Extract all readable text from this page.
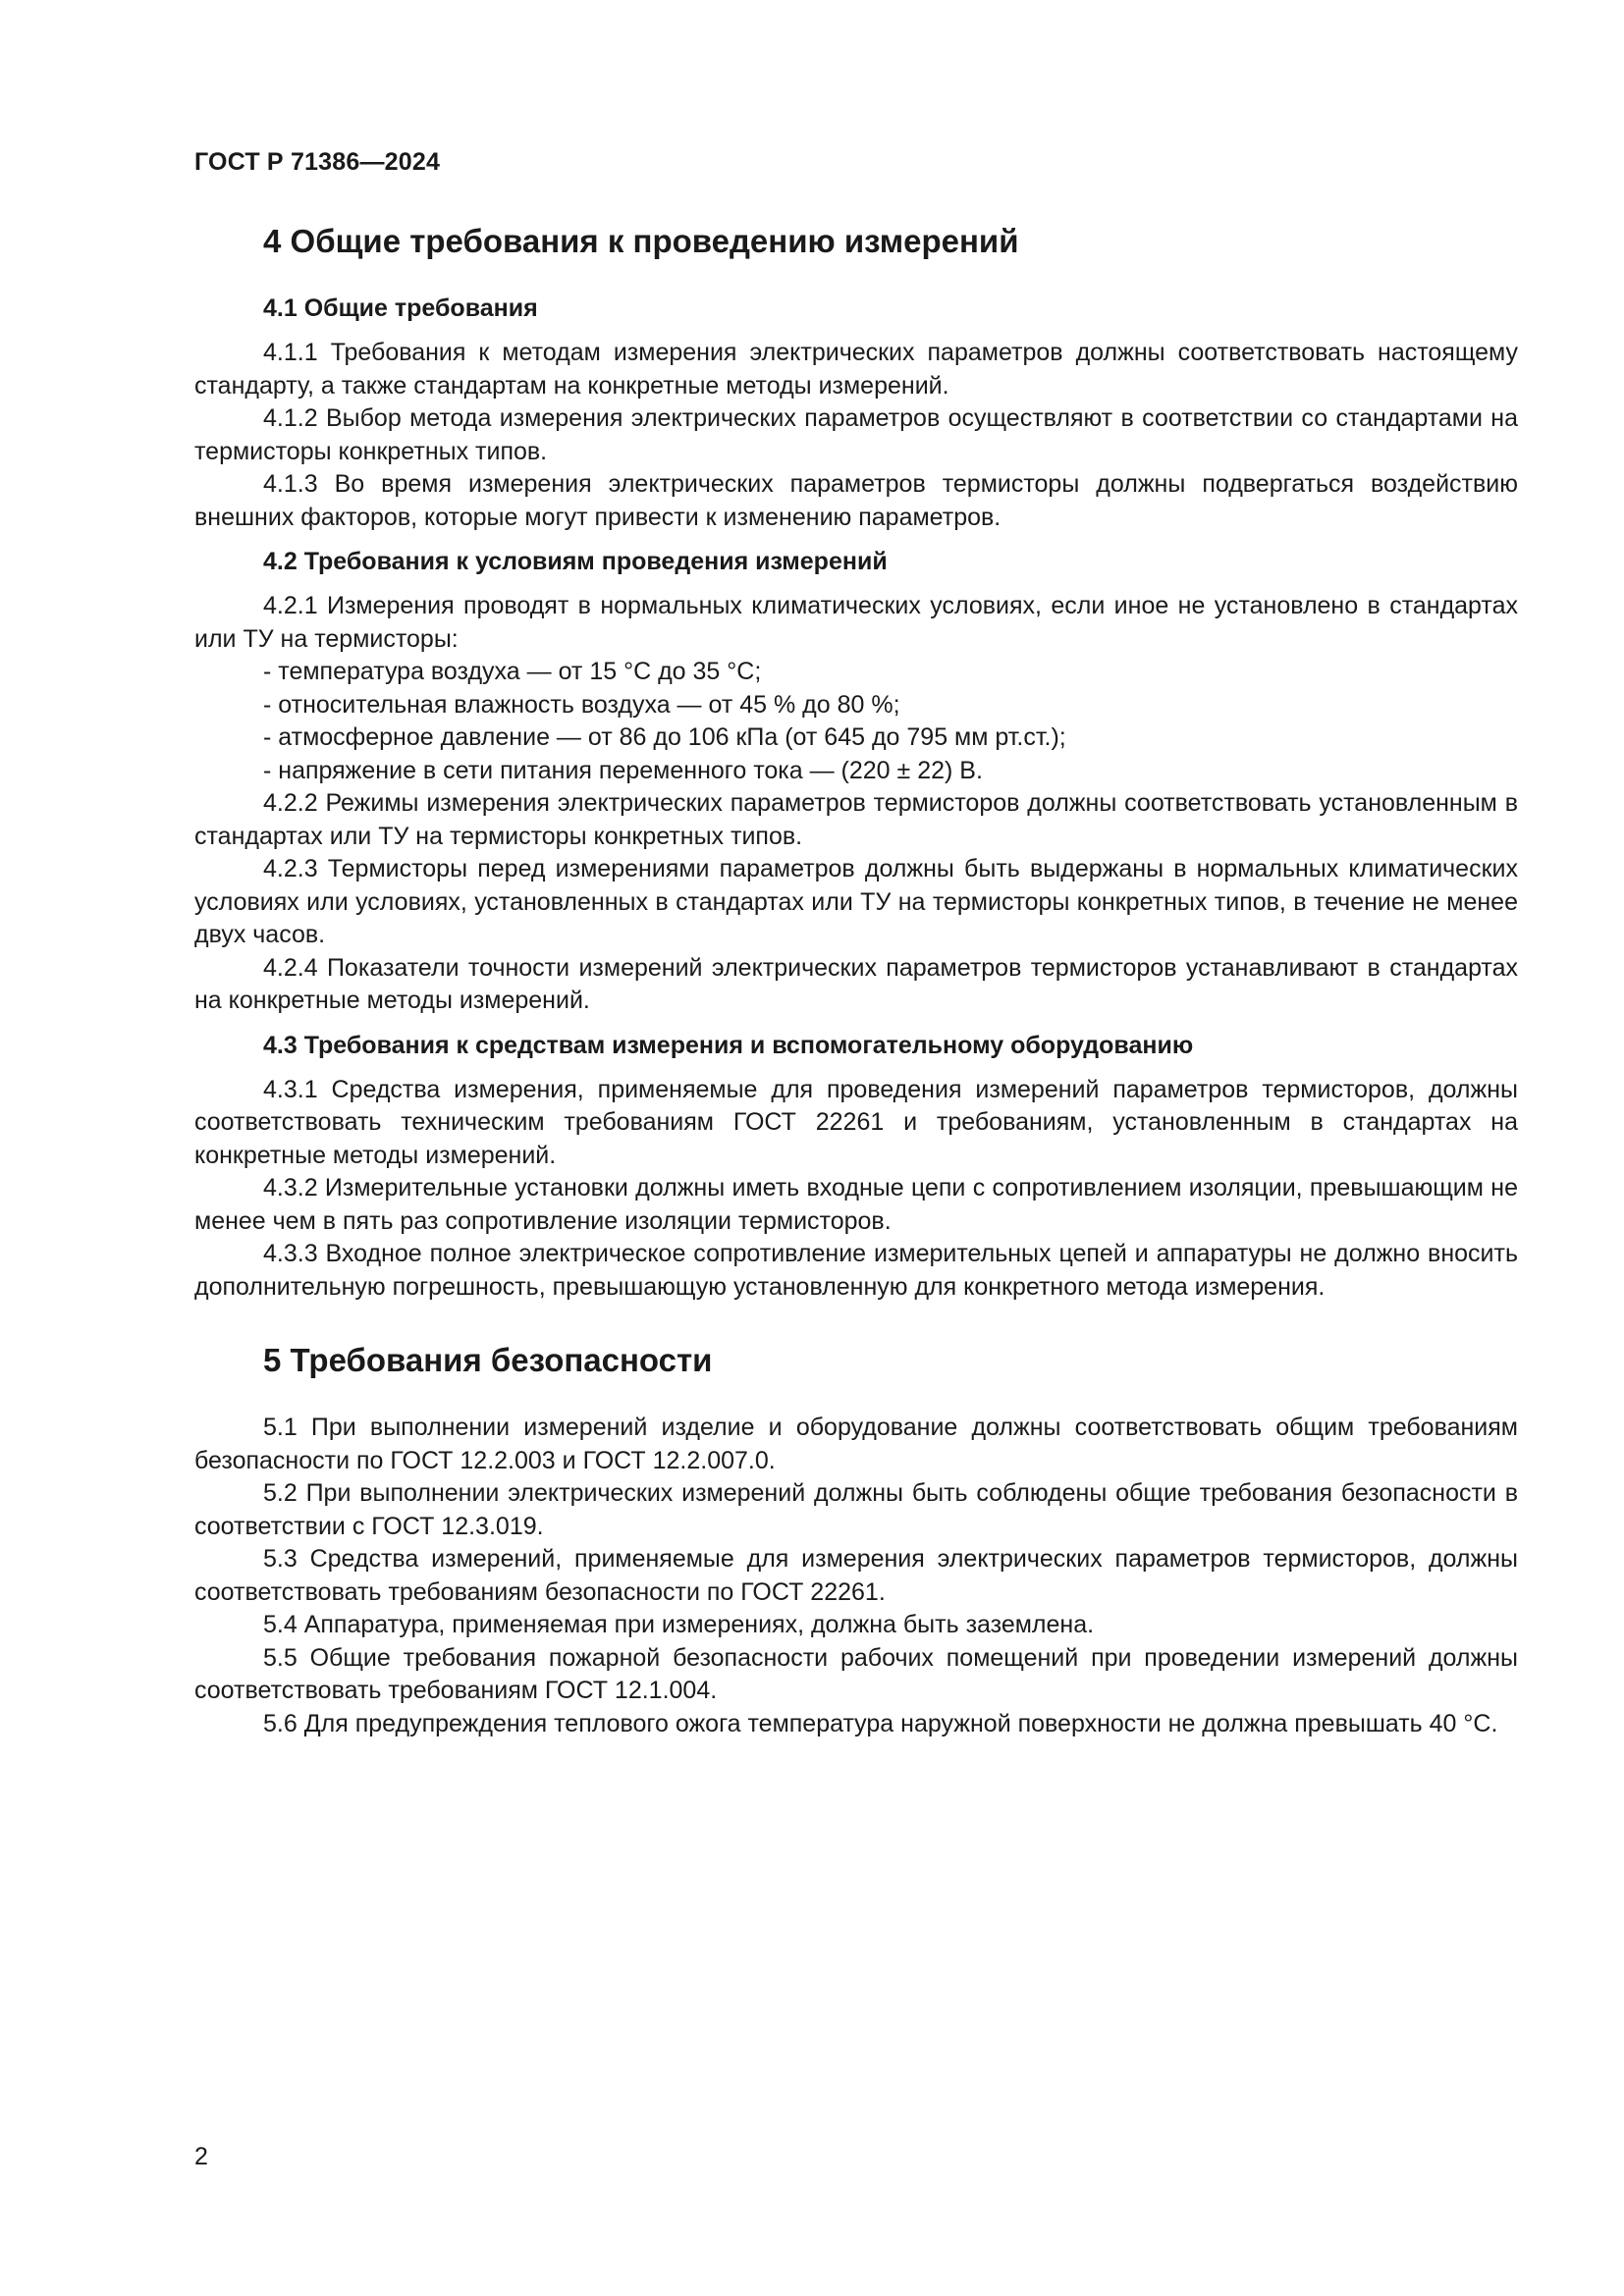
ГОСТ Р 71386—2024
4 Общие требования к проведению измерений
4.1 Общие требования

4.1.1 Требования к методам измерения электрических параметров должны соответствовать настоящему стандарту, а также стандартам на конкретные методы измерений.

4.1.2 Выбор метода измерения электрических параметров осуществляют в соответствии со стандартами на термисторы конкретных типов.

4.1.3 Во время измерения электрических параметров термисторы должны подвергаться воздействию внешних факторов, которые могут привести к изменению параметров.

4.2 Требования к условиям проведения измерений

4.2.1 Измерения проводят в нормальных климатических условиях, если иное не установлено в стандартах или ТУ на термисторы:

- температура воздуха — от 15 °С до 35 °С;

- относительная влажность воздуха — от 45 % до 80 %;

- атмосферное давление — от 86 до 106 кПа (от 645 до 795 мм рт.ст.);

- напряжение в сети питания переменного тока — (220 ± 22) В.

4.2.2 Режимы измерения электрических параметров термисторов должны соответствовать установленным в стандартах или ТУ на термисторы конкретных типов.

4.2.3 Термисторы перед измерениями параметров должны быть выдержаны в нормальных климатических условиях или условиях, установленных в стандартах или ТУ на термисторы конкретных типов, в течение не менее двух часов.

4.2.4 Показатели точности измерений электрических параметров термисторов устанавливают в стандартах на конкретные методы измерений.

4.3 Требования к средствам измерения и вспомогательному оборудованию

4.3.1 Средства измерения, применяемые для проведения измерений параметров термисторов, должны соответствовать техническим требованиям ГОСТ 22261 и требованиям, установленным в стандартах на конкретные методы измерений.

4.3.2 Измерительные установки должны иметь входные цепи с сопротивлением изоляции, превышающим не менее чем в пять раз сопротивление изоляции термисторов.

4.3.3 Входное полное электрическое сопротивление измерительных цепей и аппаратуры не должно вносить дополнительную погрешность, превышающую установленную для конкретного метода измерения.

5 Требования безопасности

5.1 При выполнении измерений изделие и оборудование должны соответствовать общим требованиям безопасности по ГОСТ 12.2.003 и ГОСТ 12.2.007.0.

5.2 При выполнении электрических измерений должны быть соблюдены общие требования безопасности в соответствии с ГОСТ 12.3.019.

5.3 Средства измерений, применяемые для измерения электрических параметров термисторов, должны соответствовать требованиям безопасности по ГОСТ 22261.

5.4 Аппаратура, применяемая при измерениях, должна быть заземлена.

5.5 Общие требования пожарной безопасности рабочих помещений при проведении измерений должны соответствовать требованиям ГОСТ 12.1.004.

5.6 Для предупреждения теплового ожога температура наружной поверхности не должна превышать 40 °С.

2
